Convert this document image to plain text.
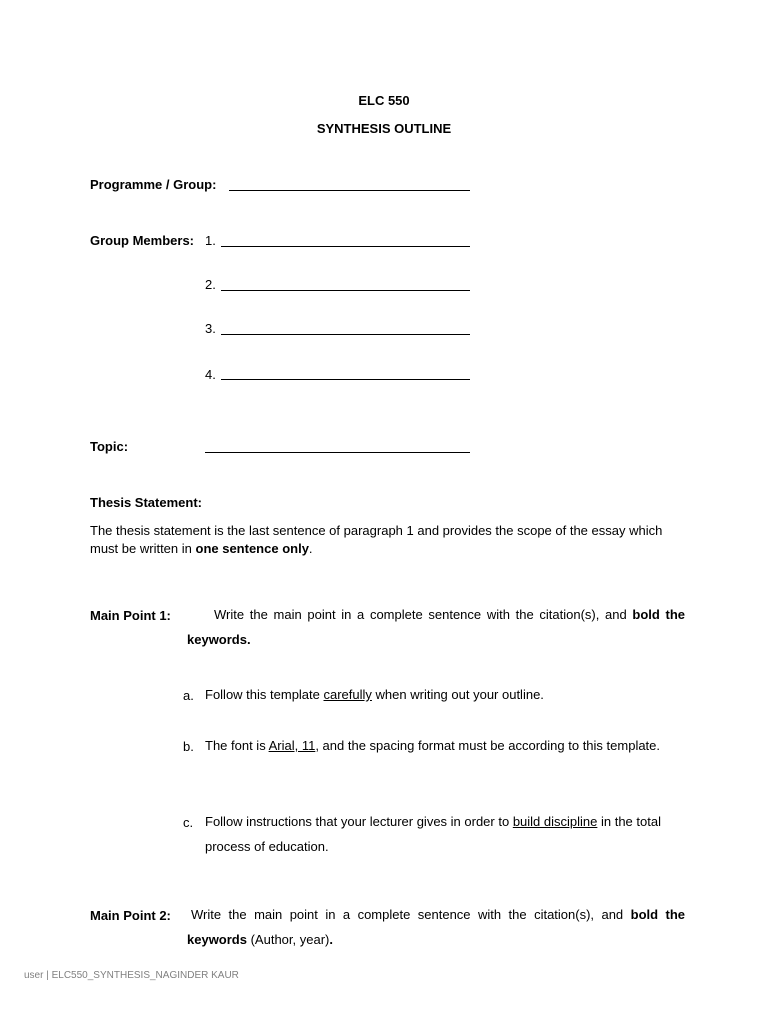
ELC 550
SYNTHESIS OUTLINE
Programme / Group:
Group Members: 1.
2.
3.
4.
Topic:
Thesis Statement:
The thesis statement is the last sentence of paragraph 1 and provides the scope of the essay which must be written in one sentence only.
Main Point 1:	Write the main point in a complete sentence with the citation(s), and bold the keywords.
a. Follow this template carefully when writing out your outline.
b. The font is Arial, 11, and the spacing format must be according to this template.
c. Follow instructions that your lecturer gives in order to build discipline in the total process of education.
Main Point 2:	Write the main point in a complete sentence with the citation(s), and bold the keywords (Author, year).
user | ELC550_SYNTHESIS_NAGINDER KAUR
